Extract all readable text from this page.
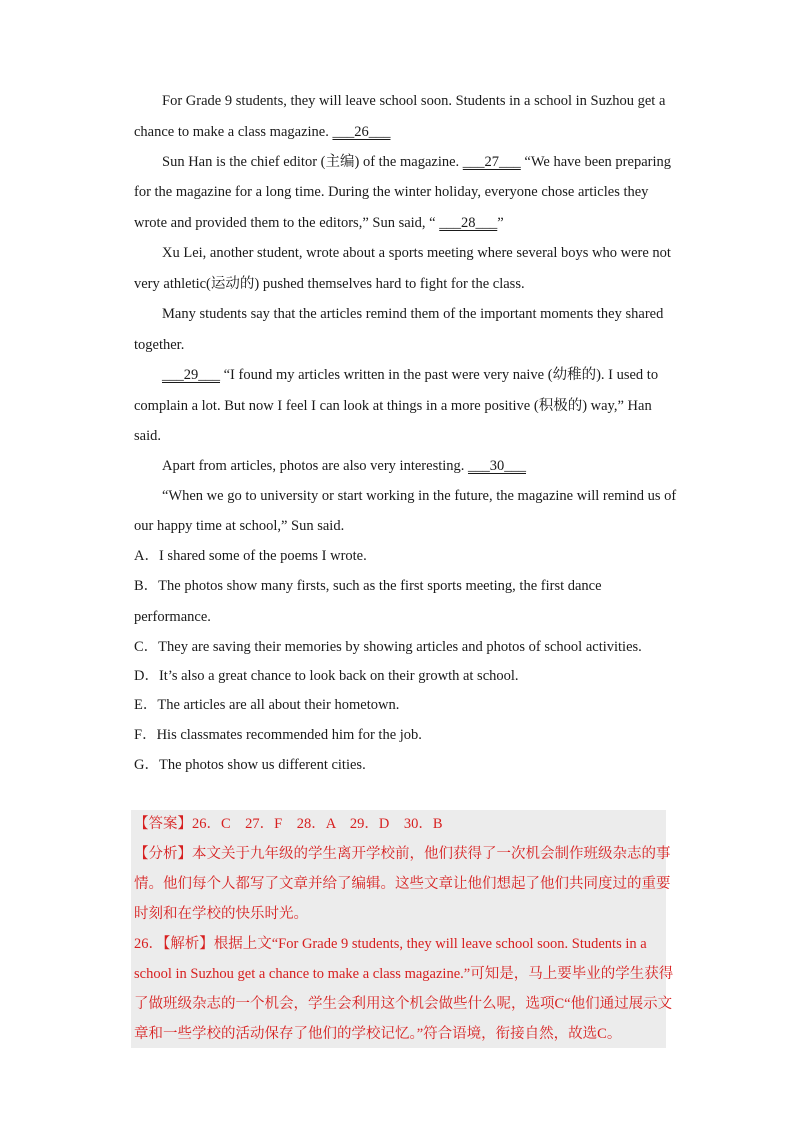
For Grade 9 students, they will leave school soon. Students in a school in Suzhou get a
chance to make a class magazine. ___26___
Sun Han is the chief editor (主编) of the magazine. ___27___ “We have been preparing
for the magazine for a long time. During the winter holiday, everyone chose articles they
wrote and provided them to the editors,” Sun said, “ ___28___”
Xu Lei, another student, wrote about a sports meeting where several boys who were not
very athletic(运动的) pushed themselves hard to fight for the class.
Many students say that the articles remind them of the important moments they shared
together.
___29___ “I found my articles written in the past were very naive (幼稚的). I used to
complain a lot. But now I feel I can look at things in a more positive (积极的) way,” Han
said.
Apart from articles, photos are also very interesting. ___30___
“When we go to university or start working in the future, the magazine will remind us of
our happy time at school,” Sun said.
A．I shared some of the poems I wrote.
B．The photos show many firsts, such as the first sports meeting, the first dance
performance.
C．They are saving their memories by showing articles and photos of school activities.
D．It’s also a great chance to look back on their growth at school.
E．The articles are all about their hometown.
F．His classmates recommended him for the job.
G．The photos show us different cities.
【答案】26．C    27．F    28．A    29．D    30．B
【分析】本文关于九年级的学生离开学校前，他们获得了一次机会制作班级杂志的事
情。他们每个人都写了文章并给了编辑。这些文章让他们想起了他们共同度过的重要
时刻和在学校的快乐时光。
26．【解析】根据上文“For Grade 9 students, they will leave school soon. Students in a
school in Suzhou get a chance to make a class magazine.”可知是，马上要毕业的学生获得
了做班级杂志的一个机会，学生会利用这个机会做些什么呢，选项C“他们通过展示文
章和一些学校的活动保存了他们的学校记忆。”符合语境，衔接自然，故选C。
